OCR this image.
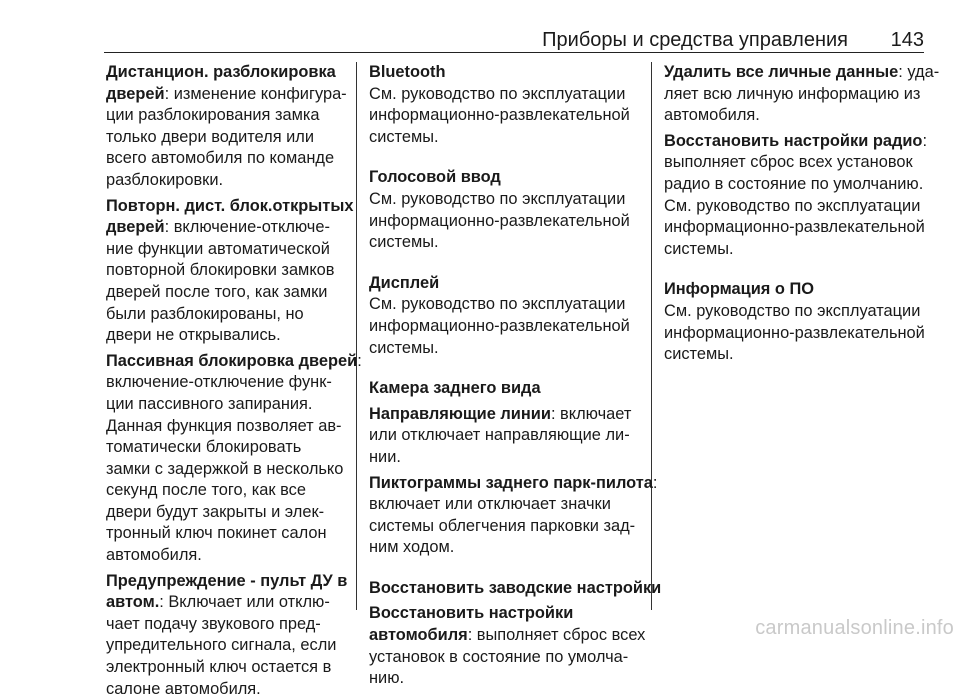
Приборы и средства управления 143
Дистанцион. разблокировка
дверей: изменение конфигура-
ции разблокирования замка
только двери водителя или
всего автомобиля по команде
разблокировки.
Повторн. дист. блок.открытых
дверей: включение-отключе-
ние функции автоматической
повторной блокировки замков
дверей после того, как замки
были разблокированы, но
двери не открывались.
Пассивная блокировка дверей:
включение-отключение функ-
ции пассивного запирания.
Данная функция позволяет ав-
томатически блокировать
замки с задержкой в несколько
секунд после того, как все
двери будут закрыты и элек-
тронный ключ покинет салон
автомобиля.
Предупреждение - пульт ДУ в
автом.: Включает или отклю-
чает подачу звукового пред-
упредительного сигнала, если
электронный ключ остается в
салоне автомобиля.
Bluetooth
См. руководство по эксплуатации
информационно-развлекательной
системы.
Голосовой ввод
См. руководство по эксплуатации
информационно-развлекательной
системы.
Дисплей
См. руководство по эксплуатации
информационно-развлекательной
системы.
Камера заднего вида
Направляющие линии: включает
или отключает направляющие ли-
нии.
Пиктограммы заднего парк-пилота:
включает или отключает значки
системы облегчения парковки зад-
ним ходом.
Восстановить заводские настройки
Восстановить настройки
автомобиля: выполняет сброс всех
установок в состояние по умолча-
нию.
Удалить все личные данные: уда-
ляет всю личную информацию из
автомобиля.
Восстановить настройки радио:
выполняет сброс всех установок
радио в состояние по умолчанию.
См. руководство по эксплуатации
информационно-развлекательной
системы.
Информация о ПО
См. руководство по эксплуатации
информационно-развлекательной
системы.
carmanualsonline.info
